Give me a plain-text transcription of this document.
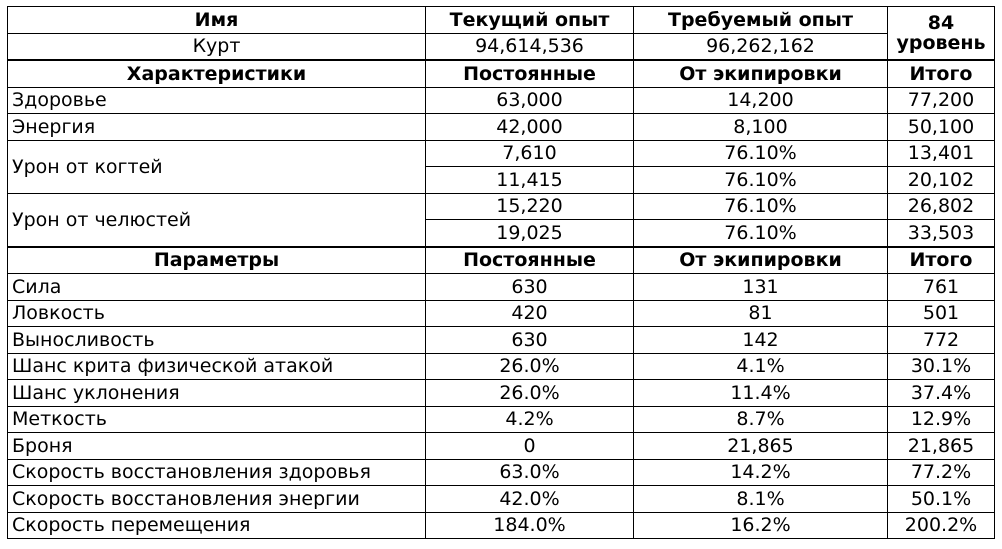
Имя	Текущий опыт	Требуемый опыт	84
уровень

Курт	94,614,536	96,262,162	
Характеристики	Постоянные	От экипировки	Итого
Здоровье	63,000	14,200	77,200
Энергия	42,000	8,100	50,100
Урон от когтей	7,610	76.10%	13,401
	11,415	76.10%	20,102
Урон от челюстей	15,220	76.10%	26,802
	19,025	76.10%	33,503
Параметры	Постоянные	От экипировки	Итого
Сила	630	131	761
Ловкость	420	81	501
Выносливость	630	142	772
Шанс крита физической атакой	26.0%	4.1%	30.1%
Шанс уклонения	26.0%	11.4%	37.4%
Меткость	4.2%	8.7%	12.9%
Броня	0	21,865	21,865
Скорость восстановления здоровья	63.0%	14.2%	77.2%
Скорость восстановления энергии	42.0%	8.1%	50.1%
Скорость перемещения	184.0%	16.2%	200.2%
